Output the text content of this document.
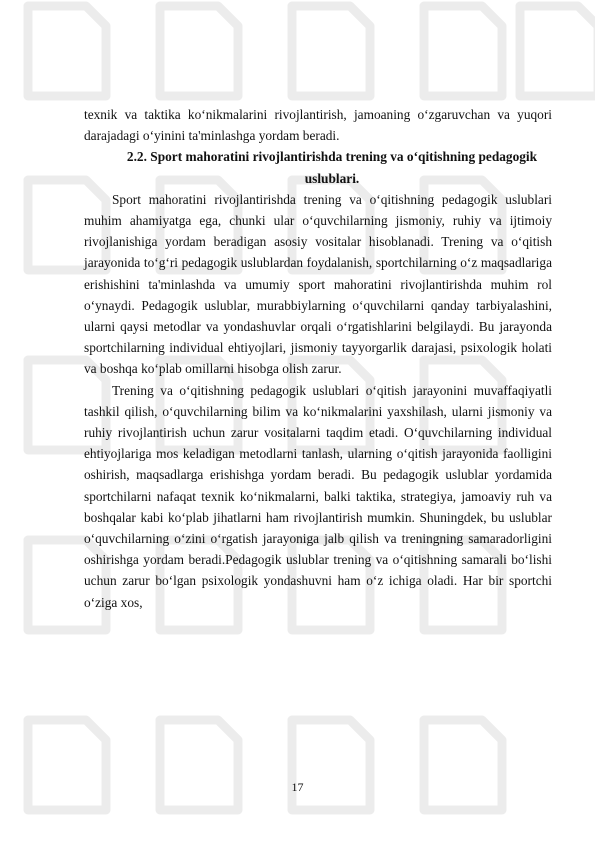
texnik va taktika ko‘nikmalarini rivojlantirish, jamoaning o‘zgaruvchan va yuqori darajadagi o‘yinini ta'minlashga yordam beradi.

2.2. Sport mahoratini rivojlantirishda trening va o‘qitishning pedagogik uslublari.

Sport mahoratini rivojlantirishda trening va o‘qitishning pedagogik uslublari muhim ahamiyatga ega, chunki ular o‘quvchilarning jismoniy, ruhiy va ijtimoiy rivojlanishiga yordam beradigan asosiy vositalar hisoblanadi. Trening va o‘qitish jarayonida to‘g‘ri pedagogik uslublardan foydalanish, sportchilarning o‘z maqsadlariga erishishini ta'minlashda va umumiy sport mahoratini rivojlantirishda muhim rol o‘ynaydi. Pedagogik uslublar, murabbiylarning o‘quvchilarni qanday tarbiyalashini, ularni qaysi metodlar va yondashuvlar orqali o‘rgatishlarini belgilaydi. Bu jarayonda sportchilarning individual ehtiyojlari, jismoniy tayyorgarlik darajasi, psixologik holati va boshqa ko‘plab omillarni hisobga olish zarur.

Trening va o‘qitishning pedagogik uslublari o‘qitish jarayonini muvaffaqiyatli tashkil qilish, o‘quvchilarning bilim va ko‘nikmalarini yaxshilash, ularni jismoniy va ruhiy rivojlantirish uchun zarur vositalarni taqdim etadi. O‘quvchilarning individual ehtiyojlariga mos keladigan metodlarni tanlash, ularning o‘qitish jarayonida faolligini oshirish, maqsadlarga erishishga yordam beradi. Bu pedagogik uslublar yordamida sportchilarni nafaqat texnik ko‘nikmalarni, balki taktika, strategiya, jamoaviy ruh va boshqalar kabi ko‘plab jihatlarni ham rivojlantirish mumkin. Shuningdek, bu uslublar o‘quvchilarning o‘zini o‘rgatish jarayoniga jalb qilish va treningning samaradorligini oshirishga yordam beradi.Pedagogik uslublar trening va o‘qitishning samarali bo‘lishi uchun zarur bo‘lgan psixologik yondashuvni ham o‘z ichiga oladi. Har bir sportchi o‘ziga xos,

17
